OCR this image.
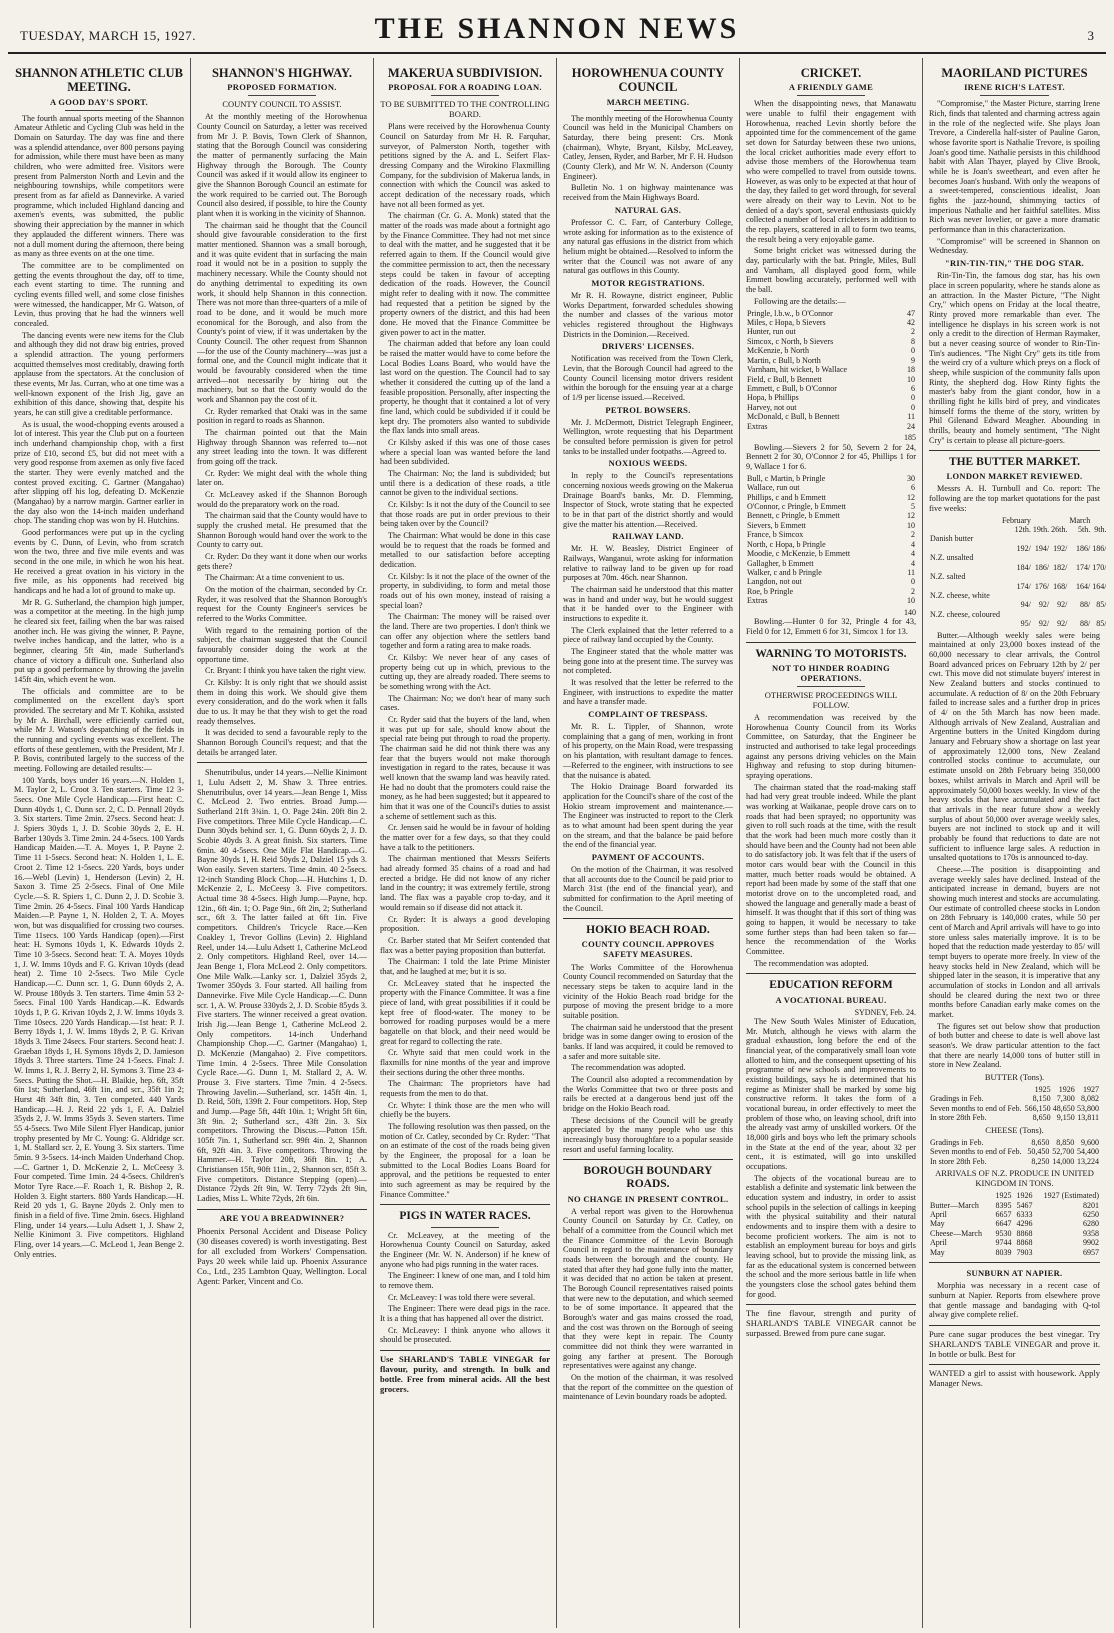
TUESDAY, MARCH 15, 1927.	THE SHANNON NEWS	3
SHANNON ATHLETIC CLUB MEETING.
A GOOD DAY'S SPORT.

The fourth annual sports meeting of the Shannon Amateur Athletic and Cycling Club was held in the Domain on Saturday. The day was fine and there was a splendid attendance, over 800 persons paying for admission, while there must have been as many children, who were admitted free. Visitors were present from Palmerston North and Levin and the neighbouring townships, while competitors were present from as far afield as Dannevirke. A varied programme, which included Highland dancing and axemen's events, was submitted, the public showing their appreciation by the manner in which they applauded the different winners. There was not a dull moment during the afternoon, there being as many as three events on at the one time.

The committee are to be complimented on getting the events throughout the day, off to time, each event starting to time. The running and cycling events filled well, and some close finishes were witnessed, the handicapper, Mr G. Watson, of Levin, thus proving that he had the winners well concealed.

The dancing events were new items for the Club and although they did not draw big entries, proved a splendid attraction. The young performers acquitted themselves most creditably, drawing forth applause from the spectators. At the conclusion of these events, Mr Jas. Curran, who at one time was a well-known exponent of the Irish Jig, gave an exhibition of this dance, showing that, despite his years, he can still give a creditable performance.

As is usual, the wood-chopping events aroused a lot of interest. This year the Club put on a fourteen inch underhand championship chop, with a first prize of £10, second £5, but did not meet with a very good response from axemen as only five faced the starter. They were evenly matched and the contest proved exciting. C. Gartner (Mangahao) after slipping off his log, defeating D. McKenzie (Mangahao) by a narrow margin. Gartner earlier in the day also won the 14-inch maiden underhand chop. The standing chop was won by H. Hutchins.

Good performances were put up in the cycling events by C. Dunn, of Levin, who from scratch won the two, three and five mile events and was second in the one mile, in which he won his heat. He received a great ovation in his victory in the five mile, as his opponents had received big handicaps and he had a lot of ground to make up.

Mr R. G. Sutherland, the champion high jumper, was a competitor at the meeting. In the high jump he cleared six feet, failing when the bar was raised another inch. He was giving the winner, P. Payne, twelve inches handicap, and the latter, who is a beginner, clearing 5ft 4in, made Sutherland's chance of victory a difficult one. Sutherland also put up a good performance by throwing the javelin 145ft 4in, which event he won.

The officials and committee are to be complimented on the excellent day's sport provided. The secretary and Mr T. Kohika, assisted by Mr A. Birchall, were efficiently carried out, while Mr J. Watson's despatching of the fields in the running and cycling events was excellent. The efforts of these gentlemen, with the President, Mr J. P. Bovis, contributed largely to the success of the meeting. Following are detailed results:—

100 Yards, boys under 16 years.—N. Holden 1, M. Taylor 2, L. Croot 3. Ten starters. Time 12 3-5secs. One Mile Cycle Handicap.—First heat: C. Dunn 40yds 1, C. Dunn scr. 2, C. D. Pennall 20yds 3. Six starters. Time 2min. 27secs. Second heat: J. J. Spiers 30yds 1, J. D. Scobie 30yds 2, E. H. Barber 130yds 3. Time 2min. 24 4-5secs. 100 Yards Handicap Maiden.—T. A. Moyes 1, P. Payne 2. Time 11 1-5secs. Second heat: N. Holden 1, L. E. Croot 2. Time 12 1-5secs. 220 Yards, boys under 16.—Webl (Levin) 1, Henderson (Levin) 2, H. Saxon 3. Time 25 2-5secs. Final of One Mile Cycle.—S. R. Spiers 1, C. Dunn 2, J. D. Scobie 3. Time 2min. 26 4-5secs. Final 100 Yards Handicap Maiden.—P. Payne 1, N. Holden 2, T. A. Moyes won, but was disqualified for crossing two courses. Time 11secs. 100 Yards Handicap (open).—First heat: H. Symons 10yds 1, K. Edwards 10yds 2. Time 10 3-5secs. Second heat: T. A. Moyes 10yds 1, J. W. Imms 10yds and F. G. Krivan 10yds (dead heat) 2. Time 10 2-5secs. Two Mile Cycle Handicap.—C. Dunn scr. 1, G. Dunn 60yds 2, A. W. Prouse 180yds 3. Ten starters. Time 4min 53 2-5secs. Final 100 Yards Handicap.—K. Edwards 10yds 1, P. G. Krivan 10yds 2, J. W. Imms 10yds 3. Time 10secs. 220 Yards Handicap.—1st heat: P. J. Berry 18yds 1, J. W. Imms 18yds 2, P. G. Krivan 18yds 3. Time 24secs. Four starters. Second heat: J. Graeban 18yds 1, H. Symons 18yds 2, D. Jamieson 18yds 3. Three starters. Time 24 1-5secs. Final: J. W. Imms 1, R. J. Berry 2, H. Symons 3. Time 23 4-5secs. Putting the Shot.—H. Blaikie, hep. 6ft, 35ft 6in 1st; Sutherland, 46ft 1in, and scr., 35ft 1in 2; Hurst 4ft 34ft 8in, 3. Ten competed. 440 Yards Handicap.—H. J. Reid 22 yds 1, F. A. Dalziel 35yds 2, J. W. Imms 35yds 3. Seven starters. Time 55 4-5secs. Two Mile Silent Flyer Handicap, junior trophy presented by Mr C. Young: G. Aldridge scr. 1, M. Stallard scr. 2, E. Young 3. Six starters. Time 5min. 9 3-5secs. 14-inch Maiden Underhand Chop.—C. Gartner 1, D. McKenzie 2, L. McCeesy 3. Four competed. Time 1min. 24 4-5secs. Children's Motor Tyre Race.—F. Roach 1, R. Bishop 2, R. Holden 3. Eight starters. 880 Yards Handicap.—H. Reid 20 yds 1, G. Bayne 20yds 2. Only men to finish in a field of five. Time 2min. 6secs. Highland Fling, under 14 years.—Lulu Adsett 1, J. Shaw 2, Nellie Kinimont 3. Five competitors. Highland Fling, over 14 years.—C. McLeod 1, Jean Benge 2. Only entries.

SHANNON'S HIGHWAY.
PROPOSED FORMATION.
COUNTY COUNCIL TO ASSIST.

At the monthly meeting of the Horowhenua County Council on Saturday, a letter was received from Mr J. P. Bovis, Town Clerk of Shannon, stating that the Borough Council was considering the matter of permanently surfacing the Main Highway through the Borough. The County Council was asked if it would allow its engineer to give the Shannon Borough Council an estimate for the work required to be carried out. The Borough Council also desired, if possible, to hire the County plant when it is working in the vicinity of Shannon.

The chairman said he thought that the Council should give favourable consideration to the first matter mentioned. Shannon was a small borough, and it was quite evident that in surfacing the main road it would not be in a position to supply the machinery necessary. While the County should not do anything detrimental to expediting its own work, it should help Shannon in this connection. There was not more than three-quarters of a mile of road to be done, and it would be much more economical for the Borough, and also from the County's point of view, if it was undertaken by the County Council. The other request from Shannon—for the use of the County machinery—was just a formal one, and the Council might indicate that it would be favourably considered when the time arrived—not necessarily by hiring out the machinery, but so that the County would do the work and Shannon pay the cost of it.

Cr. Ryder remarked that Otaki was in the same position in regard to roads as Shannon.

The chairman pointed out that the Main Highway through Shannon was referred to—not any street leading into the town. It was different from going off the track.

Cr. Ryder: We might deal with the whole thing later on.

Cr. McLeavey asked if the Shannon Borough would do the preparatory work on the road.

The chairman said that the County would have to supply the crushed metal. He presumed that the Shannon Borough would hand over the work to the County to carry out.

Cr. Ryder: Do they want it done when our works gets there?

The Chairman: At a time convenient to us.

On the motion of the chairman, seconded by Cr. Ryder, it was resolved that the Shannon Borough's request for the County Engineer's services be referred to the Works Committee.

With regard to the remaining portion of the subject, the chairman suggested that the Council favourably consider doing the work at the opportune time.

Cr. Bryant: I think you have taken the right view.

Cr. Kilsby: It is only right that we should assist them in doing this work. We should give them every consideration, and do the work when it falls due to us. It may be that they wish to get the road ready themselves.

It was decided to send a favourable reply to the Shannon Borough Council's request; and that the details be arranged later.

Shenutribulus, under 14 years.—Nellie Kinimont 1, Lulu Adsett 2, M. Shaw 3. Three entries. Shenutribulus, over 14 years.—Jean Benge 1, Miss C. McLeod 2. Two entries. Broad Jump.—Sutherland 21ft 3¾in. 1, O. Page 24in. 20ft 8in 2. Five competitors. Three Mile Cycle Handicap.—C. Dunn 30yds behind scr. 1, G. Dunn 60yds 2, J. D. Scobie 40yds 3. A great finish. Six starters. Time 6min. 40 4-5secs. One Mile Flat Handicap.—G. Bayne 30yds 1, H. Reid 50yds 2, Dalziel 15 yds 3. Won easily. Seven starters. Time 4min. 40 2-5secs. 12-inch Standing Block Chop.—H. Hutchins 1, D. McKenzie 2, L. McCeesy 3. Five competitors. Actual time 38 4-5secs. High Jump.—Payne, hcp. 12in., 6ft 4in. 1; O. Page 9in., 6ft 2in, 2; Sutherland scr., 6ft 3. The latter failed at 6ft 1in. Five competitors. Children's Tricycle Race.—Ken Coakley 1, Trevor Gollins (Levin) 2. Highland Reel, under 14.—Lulu Adsett 1, Catherine McLeod 2. Only competitors. Highland Reel, over 14.—Jean Benge 1, Flora McLeod 2. Only competitors. One Mile Walk.—Lanky scr. 1, Dalziel 35yds 2, Twomer 350yds 3. Four started. All hailing from Dannevirke. Five Mile Cycle Handicap.—C. Dunn scr. 1, A. W. Prouse 330yds 2, J. D. Scobie 85yds 3. Five starters. The winner received a great ovation. Irish Jig.—Jean Benge 1, Catherine McLeod 2. Only competitors. 14-inch Underhand Championship Chop.—C. Gartner (Mangahao) 1, D. McKenzie (Mangahao) 2. Five competitors. Time 1min. 4 2-5secs. Three Mile Consolation Cycle Race.—G. Dunn 1, M. Stallard 2, A. W. Prouse 3. Five starters. Time 7min. 4 2-5secs. Throwing Javelin.—Sutherland, scr. 145ft 4in. 1, D. Reid, 50ft, 139ft 2. Four competitors. Hop, Step and Jump.—Page 5ft, 44ft 10in. 1; Wright 5ft 6in, 3ft 9in. 2; Sutherland scr., 43ft 2in. 3. Six competitors. Throwing the Discus.—Patton 15ft. 105ft 7in. 1, Sutherland scr. 99ft 4in. 2, Shannon 6ft, 92ft 4in. 3. Five competitors. Throwing the Hammer.—H. Taylor 20ft, 36ft 8in. 1; A. Christiansen 15ft, 90ft 11in., 2, Shannon scr, 85ft 3. Five competitors. Distance Stepping (open).—Distance 72yds 2ft 9in, W. Terry 72yds 2ft 9in, Ladies, Miss L. White 72yds, 2ft 6in.

ARE YOU A BREADWINNER?

Phoenix Personal Accident and Disease Policy (30 diseases covered) is worth investigating. Best for all excluded from Workers' Compensation. Pays 20 week while laid up. Phoenix Assurance Co., Ltd., 235 Lambton Quay, Wellington. Local Agent: Parker, Vincent and Co.

MAKERUA SUBDIVISION.
PROPOSAL FOR A ROADING LOAN.
TO BE SUBMITTED TO THE CONTROLLING BOARD.

Plans were received by the Horowhenua County Council on Saturday from Mr H. R. Farquhar, surveyor, of Palmerston North, together with petitions signed by the A. and L. Seifert Flax-dressing Company and the Wirokino Flaxmilling Company, for the subdivision of Makerua lands, in connection with which the Council was asked to accept dedication of the necessary roads, which have not all been formed as yet.

The chairman (Cr. G. A. Monk) stated that the matter of the roads was made about a fortnight ago by the Finance Committee. They had not met since to deal with the matter, and he suggested that it be referred again to them. If the Council would give the committee permission to act, then the necessary steps could be taken in favour of accepting dedication of the roads. However, the Council might refer to dealing with it now. The committee had requested that a petition be signed by the property owners of the district, and this had been done. He moved that the Finance Committee be given power to act in the matter.

The chairman added that before any loan could be raised the matter would have to come before the Local Bodies Loans Board, who would have the last word on the question. The Council had to say whether it considered the cutting up of the land a feasible proposition. Personally, after inspecting the property, he thought that it contained a lot of very fine land, which could be subdivided if it could be kept dry. The promoters also wanted to subdivide the flax lands into small areas.

Cr Kilsby asked if this was one of those cases where a special loan was wanted before the land had been subdivided.

The Chairman: No; the land is subdivided; but until there is a dedication of these roads, a title cannot be given to the individual sections.

Cr. Kilsby: Is it not the duty of the Council to see that those roads are put in order previous to their being taken over by the Council?

The Chairman: What would be done in this case would be to request that the roads be formed and metalled to our satisfaction before accepting dedication.

Cr. Kilsby: Is it not the place of the owner of the property, in subdividing, to form and metal those roads out of his own money, instead of raising a special loan?

The Chairman: The money will be raised over the land. There are two properties. I don't think we can offer any objection where the settlers band together and form a rating area to make roads.

Cr. Kilsby: We never hear of any cases of property being cut up in which, previous to the cutting up, they are already roaded. There seems to be something wrong with the Act.

The Chairman: No; we don't hear of many such cases.

Cr. Ryder said that the buyers of the land, when it was put up for sale, should know about the special rate being put through to road the property. The chairman said he did not think there was any fear that the buyers would not make thorough investigation in regard to the rates, because it was well known that the swamp land was heavily rated. He had no doubt that the promoters could raise the money, as he had been suggested; but it appeared to him that it was one of the Council's duties to assist a scheme of settlement such as this.

Cr. Jensen said he would be in favour of holding the matter over for a few days, so that they could have a talk to the petitioners.

The chairman mentioned that Messrs Seiferts had already formed 35 chains of a road and had erected a bridge. He did not know of any richer land in the country; it was extremely fertile, strong land. The flax was a payable crop to-day, and it would remain so if disease did not attack it.

Cr. Ryder: It is always a good developing proposition.

Cr. Barber stated that Mr Seifert contended that flax was a better paying proposition than butterfat.

The Chairman: I told the late Prime Minister that, and he laughed at me; but it is so.

Cr. McLeavey stated that he inspected the property with the Finance Committee. It was a fine piece of land, with great possibilities if it could be kept free of flood-water. The money to be borrowed for roading purposes would be a mere bagatelle on that block, and their need would be great for regard to collecting the rate.

Cr. Whyte said that men could work in the flaxmills for nine months of the year and improve their sections during the other three months.

The Chairman: The proprietors have had requests from the men to do that.

Cr. Whyte: I think those are the men who will chiefly be the buyers.

The following resolution was then passed, on the motion of Cr. Catley, seconded by Cr. Ryder: "That on an estimate of the cost of the roads being given by the Engineer, the proposal for a loan be submitted to the Local Bodies Loans Board for approval, and the petitions be requested to enter into such agreement as may be required by the Finance Committee."

PIGS IN WATER RACES.

Cr. McLeavey, at the meeting of the Horowhenua County Council on Saturday, asked the Engineer (Mr. W. N. Anderson) if he knew of anyone who had pigs running in the water races.

The Engineer: I knew of one man, and I told him to remove them.

Cr. McLeavey: I was told there were several.

The Engineer: There were dead pigs in the race. It is a thing that has happened all over the district.

Cr. McLeavey: I think anyone who allows it should be prosecuted.

Use SHARLAND'S TABLE VINEGAR for flavour, purity, and strength. In bulk and bottle. Free from mineral acids. All the best grocers.

HOROWHENUA COUNTY COUNCIL
MARCH MEETING.

The monthly meeting of the Horowhenua County Council was held in the Municipal Chambers on Saturday, there being present: Crs. Monk (chairman), Whyte, Bryant, Kilsby, McLeavey, Catley, Jensen, Ryder, and Barber, Mr F. H. Hudson (County Clerk), and Mr W. N. Anderson (County Engineer).

Bulletin No. 1 on highway maintenance was received from the Main Highways Board.

NATURAL GAS.

Professor C. C. Farr, of Canterbury College, wrote asking for information as to the existence of any natural gas effusions in the district from which helium might be obtained.—Resolved to inform the writer that the Council was not aware of any natural gas outflows in this County.

MOTOR REGISTRATIONS.

Mr R. H. Rowayne, district engineer, Public Works Department, forwarded schedules showing the number and classes of the various motor vehicles registered throughout the Highways Districts in the Dominion.—Received.

DRIVERS' LICENSES.

Notification was received from the Town Clerk, Levin, that the Borough Council had agreed to the County Council licensing motor drivers resident within the borough for the ensuing year at a charge of 1/9 per license issued.—Received.

PETROL BOWSERS.

Mr. J. McDermott, District Telegraph Engineer, Wellington, wrote requesting that his Department be consulted before permission is given for petrol tanks to be installed under footpaths.—Agreed to.

NOXIOUS WEEDS.

In reply to the Council's representations concerning noxious weeds growing on the Makerua Drainage Board's banks, Mr. D. Flemming, Inspector of Stock, wrote stating that he expected to be in that part of the district shortly and would give the matter his attention.—Received.

RAILWAY LAND.

Mr. H. W. Beasley, District Engineer of Railways, Wanganui, wrote asking for information relative to railway land to be given up for road purposes at 70m. 46ch. near Shannon.

The chairman said he understood that this matter was in hand and under way, but he would suggest that it be handed over to the Engineer with instructions to expedite it.

The Clerk explained that the letter referred to a piece of railway land occupied by the County.

The Engineer stated that the whole matter was being gone into at the present time. The survey was not completed.

It was resolved that the letter be referred to the Engineer, with instructions to expedite the matter and have a transfer made.

COMPLAINT OF TRESPASS.

Mr. R. L. Tippler, of Shannon, wrote complaining that a gang of men, working in front of his property, on the Main Road, were trespassing on his plantation, with resultant damage to fences.—Referred to the engineer, with instructions to see that the nuisance is abated.

The Hokio Drainage Board forwarded its application for the Council's share of the cost of the Hokio stream improvement and maintenance.—The Engineer was instructed to report to the Clerk as to what amount had been spent during the year on the stream, and that the balance be paid before the end of the financial year.

PAYMENT OF ACCOUNTS.

On the motion of the Chairman, it was resolved that all accounts due to the Council be paid prior to March 31st (the end of the financial year), and submitted for confirmation to the April meeting of the Council.

HOKIO BEACH ROAD.
COUNTY COUNCIL APPROVES SAFETY MEASURES.

The Works Committee of the Horowhenua County Council recommended on Saturday that the necessary steps be taken to acquire land in the vicinity of the Hokio Beach road bridge for the purpose of moving the present bridge to a more suitable position.

The chairman said he understood that the present bridge was in some danger owing to erosion of the banks. If land was acquired, it could be removed to a safer and more suitable site.

The recommendation was adopted.

The Council also adopted a recommendation by the Works Committee that two or three posts and rails be erected at a dangerous bend just off the bridge on the Hokio Beach road.

These decisions of the Council will be greatly appreciated by the many people who use this increasingly busy thoroughfare to a popular seaside resort and useful farming locality.

BOROUGH BOUNDARY ROADS.
NO CHANGE IN PRESENT CONTROL.

A verbal report was given to the Horowhenua County Council on Saturday by Cr. Catley, on behalf of a committee from the Council which met the Finance Committee of the Levin Borough Council in regard to the maintenance of boundary roads between the borough and the county. He stated that after they had gone fully into the matter, it was decided that no action be taken at present. The Borough Council representatives raised points that were new to the deputation, and which seemed to be of some importance. It appeared that the Borough's water and gas mains crossed the road, and the cost was thrown on the Borough of seeing that they were kept in repair. The County committee did not think they were warranted in going any farther at present. The Borough representatives were against any change.

On the motion of the chairman, it was resolved that the report of the committee on the question of maintenance of Levin boundary roads be adopted.

CRICKET.
A FRIENDLY GAME

When the disappointing news, that Manawatu were unable to fulfil their engagement with Horowhenua, reached Levin shortly before the appointed time for the commencement of the game set down for Saturday between these two unions, the local cricket authorities made every effort to advise those members of the Horowhenua team who were compelled to travel from outside towns. However, as was only to be expected at that hour of the day, they failed to get word through, for several were already on their way to Levin. Not to be denied of a day's sport, several enthusiasts quickly collected a number of local cricketers in addition to the rep. players, scattered in all to form two teams, the result being a very enjoyable game.

Some bright cricket was witnessed during the day, particularly with the bat. Pringle, Miles, Bull and Varnham, all displayed good form, while Emmett bowling accurately, performed well with the ball.

Following are the details:—

Pringle, l.b.w., b O'Connor	47
Miles, c Hopa, b Sievers	42
Hunter, run out	2
Simcox, c North, b Sievers	8
McKenzie, b North	0
Martin, c Bull, b North	9
Varnham, hit wicket, b Wallace	18
Field, c Bull, b Bennett	10
Emmett, c Bull, b O'Connor	6
Hopa, b Phillips	0
Harvey, not out	0
McDonald, c Bull, b Bennett	11
Extras	24
185

Bowling.—Sievers 2 for 50, Severn 2 for 24, Bennett 2 for 30, O'Connor 2 for 45, Phillips 1 for 9, Wallace 1 for 6.

Bull, c Martin, b Pringle	30
Wallace, run out	6
Phillips, c and b Emmett	12
O'Connor, c Pringle, b Emmett	5
Bennett, c Pringle, b Emmett	12
Sievers, b Emmett	10
France, b Simcox	2
North, c Hopa, b Pringle	4
Moodie, c McKenzie, b Emmett	4
Gallagher, b Emmett	4
Walker, c and b Pringle	11
Langdon, not out	0
Roe, b Pringle	2
Extras	10
140

Bowling.—Hunter 0 for 32, Pringle 4 for 43, Field 0 for 12, Emmett 6 for 31, Simcox 1 for 13.

WARNING TO MOTORISTS.
NOT TO HINDER ROADING OPERATIONS.
OTHERWISE PROCEEDINGS WILL FOLLOW.

A recommendation was received by the Horowhenua County Council from its Works Committee, on Saturday, that the Engineer be instructed and authorised to take legal proceedings against any persons driving vehicles on the Main Highway and refusing to stop during bitumen-spraying operations.

The chairman stated that the road-making staff had had very great trouble indeed. While the plant was working at Waikanae, people drove cars on to roads that had been sprayed; no opportunity was given to roll such roads at the time, with the result that the work had been much more costly than it should have been and the County had not been able to do satisfactory job. It was felt that if the users of motor cars would bear with the Council in this matter, much better roads would be obtained. A report had been made by some of the staff that one motorist drove on to the uncompleted road, and showed the language and generally made a beast of himself. It was thought that if this sort of thing was going to happen, it would be necessary to take some further steps than had been taken so far—hence the recommendation of the Works Committee.

The recommendation was adopted.

EDUCATION REFORM
A VOCATIONAL BUREAU.
SYDNEY, Feb. 24.

The New South Wales Minister of Education, Mr. Mutch, although he views with alarm the gradual exhaustion, long before the end of the financial year, of the comparatively small loan vote allotted to him, and the consequent upsetting of his programme of new schools and improvements to existing buildings, says he is determined that his regime as Minister shall be marked by some big constructive reform. It takes the form of a vocational bureau, in order effectively to meet the problem of those who, on leaving school, drift into the already vast army of unskilled workers. Of the 18,000 girls and boys who left the primary schools in the State at the end of the year, about 32 per cent., it is estimated, will go into unskilled occupations.

The objects of the vocational bureau are to establish a definite and systematic link between the education system and industry, in order to assist school pupils in the selection of callings in keeping with the physical suitability and their natural endowments and to inspire them with a desire to become proficient workers. The aim is not to establish an employment bureau for boys and girls leaving school, but to provide the missing link, as far as the educational system is concerned between the school and the more serious battle in life when the youngsters close the school gates behind them for good.

The fine flavour, strength and purity of SHARLAND'S TABLE VINEGAR cannot be surpassed. Brewed from pure cane sugar.

MAORILAND PICTURES
IRENE RICH'S LATEST.

"Compromise," the Master Picture, starring Irene Rich, finds that talented and charming actress again in the role of the neglected wife. She plays Joan Trevore, a Cinderella half-sister of Pauline Garon, whose favorite sport is Nathalie Trevore, is spoiling Joan's good time. Nathalie persists in this childhood habit with Alan Thayer, played by Clive Brook, while he is Joan's sweetheart, and even after he becomes Joan's husband. With only the weapons of a sweet-tempered, conscientious idealist, Joan fights the jazz-hound, shimmying tactics of imperious Nathalie and her faithful satellites. Miss Rich was never lovelier, or gave a more dramatic performance than in this characterization.

"Compromise" will be screened in Shannon on Wednesday.

"RIN-TIN-TIN," THE DOG STAR.

Rin-Tin-Tin, the famous dog star, has his own place in screen popularity, where he stands alone as an attraction. In the Master Picture, "The Night Cry," which opens on Friday at the local theatre, Rinty proved more remarkable than ever. The intelligence he displays in his screen work is not only a credit to the direction of Herman Raymaker, but a never ceasing source of wonder to Rin-Tin-Tin's audiences. "The Night Cry" gets its title from the weird cry of a vulture which preys on a flock of sheep, while suspicion of the community falls upon Rinty, the shepherd dog. How Rinty fights the master's baby from the giant condor, how in a thrilling fight he kills bird of prey, and vindicates himself forms the theme of the story, written by Phil Gilenand Edward Meagher. Abounding in thrills, beauty and homely sentiment, "The Night Cry" is certain to please all picture-goers.

THE BUTTER MARKET.
LONDON MARKET REVIEWED.

Messrs A. H. Turnbull and Co. report: The following are the top market quotations for the past five weeks:

	February			March	
	12th.	19th.	26th.	5th.	9th.
Danish butter					
	192/	194/	192/	186/	186/
N.Z. unsalted					
	184/	186/	182/	174/	170/
N.Z. salted					
	174/	176/	168/	164/	164/
N.Z. cheese, white					
	94/	92/	92/	88/	85/
N.Z. cheese, coloured					
	95/	92/	92/	88/	85/

Butter.—Although weekly sales were being maintained at only 23,000 boxes instead of the 60,000 necessary to clear arrivals, the Control Board advanced prices on February 12th by 2/ per cwt. This move did not stimulate buyers' interest in New Zealand butters and stocks continued to accumulate. A reduction of 8/ on the 20th February failed to increase sales and a further drop in prices of 4/ on the 5th March has now been made. Although arrivals of New Zealand, Australian and Argentine butters in the United Kingdom during January and February show a shortage on last year of approximately 12,000 tons, New Zealand controlled stocks continue to accumulate, our estimate unsold on 28th February being 350,000 boxes, whilst arrivals in March and April will be approximately 50,000 boxes weekly. In view of the heavy stocks that have accumulated and the fact that arrivals in the near future show a weekly surplus of about 50,000 over average weekly sales, buyers are not inclined to stock up and it will probably be found that reductions to date are not sufficient to influence large sales. A reduction in unsalted quotations to 170s is announced to-day.

Cheese.—The position is disappointing and average weekly sales have declined. Instead of the anticipated increase in demand, buyers are not showing much interest and stocks are accumulating. Our estimate of controlled cheese stocks in London on 28th February is 140,000 crates, while 50 per cent of March and April arrivals will have to go into store unless sales materially improve. It is to be hoped that the reduction made yesterday to 85/ will tempt buyers to operate more freely. In view of the heavy stocks held in New Zealand, which will be shipped later in the season, it is imperative that any accumulation of stocks in London and all arrivals should be cleared during the next two or three months before Canadian early make comes on the market.

The figures set out below show that production of both butter and cheese to date is well above last season's. We draw particular attention to the fact that there are nearly 14,000 tons of butter still in store in New Zealand.

BUTTER (Tons).
	1925	1926	1927
Gradings in Feb.	8,150	7,300	8,082
Seven months to end of Feb.	566,150	48,650	53,800
In store 28th Feb.	8,650	9,150	13,811
CHEESE (Tons).
Gradings in Feb.	8,650	8,850	9,600
Seven months to end of Feb.	50,450	52,700	54,400
In store 28th Feb.	8,250	14,000	13,224
ARRIVALS OF N.Z. PRODUCE IN UNITED KINGDOM IN TONS.
	1925	1926	1927 (Estimated)
Butter—March	8395	5467	8201
April	6657	6333	6250
May	6647	4296	6280
Cheese—March	9530	8868	9358
April	9744	8868	9902
May	8039	7903	6957
SUNBURN AT NAPIER.

Morphia was necessary in a recent case of sunburn at Napier. Reports from elsewhere prove that gentle massage and bandaging with Q-tol alway give complete relief.

Pure cane sugar produces the best vinegar. Try SHARLAND'S TABLE VINEGAR and prove it. In bottle or bulk. Best for

WANTED a girl to assist with housework. Apply Manager News.
